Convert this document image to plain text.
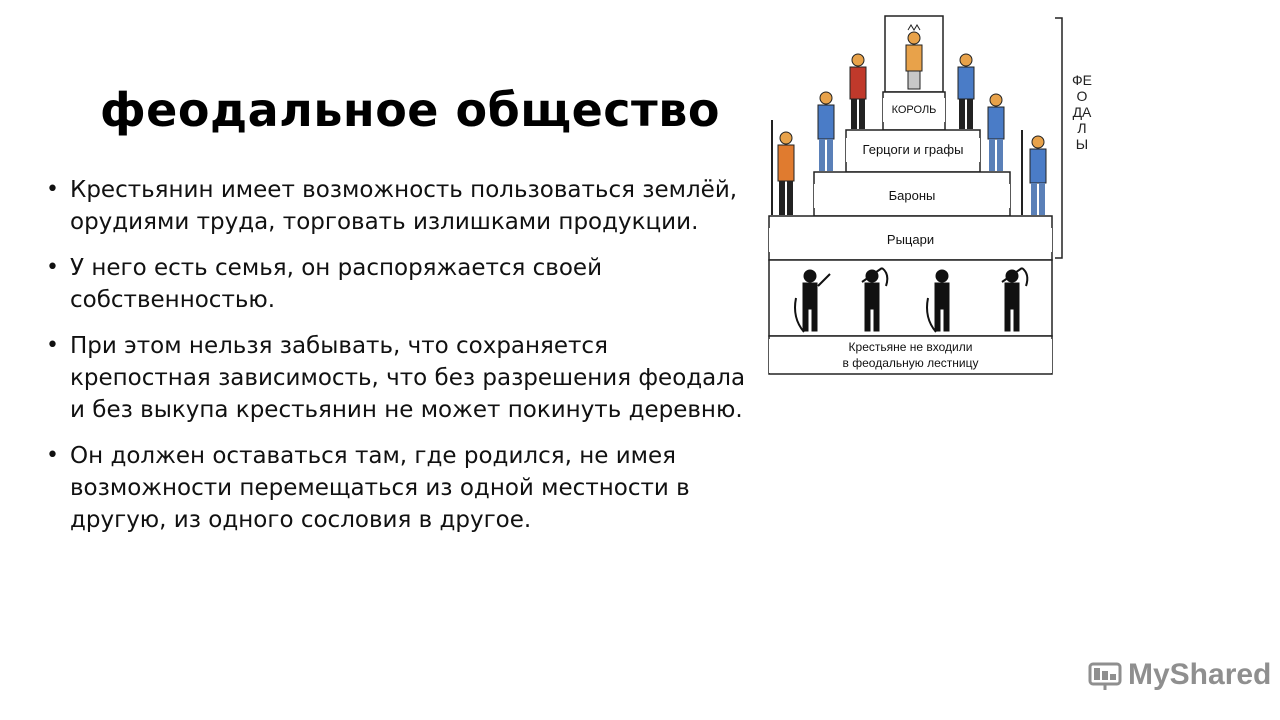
феодальное общество
• Крестьянин имеет возможность пользоваться землёй, орудиями труда, торговать излишками продукции.
• У него есть семья, он распоряжается своей собственностью.
• При этом нельзя забывать, что сохраняется крепостная зависимость, что без разрешения феодала и без выкупа крестьянин не может покинуть деревню.
• Он должен оставаться там, где родился, не имея возможности перемещаться из одной местности в другую, из одного сословия в другое.
КОРОЛЬ
Герцоги и графы
Бароны
Рыцари
Крестьяне не входили
в феодальную лестницу
ФЕОДАЛЫ
MyShared
